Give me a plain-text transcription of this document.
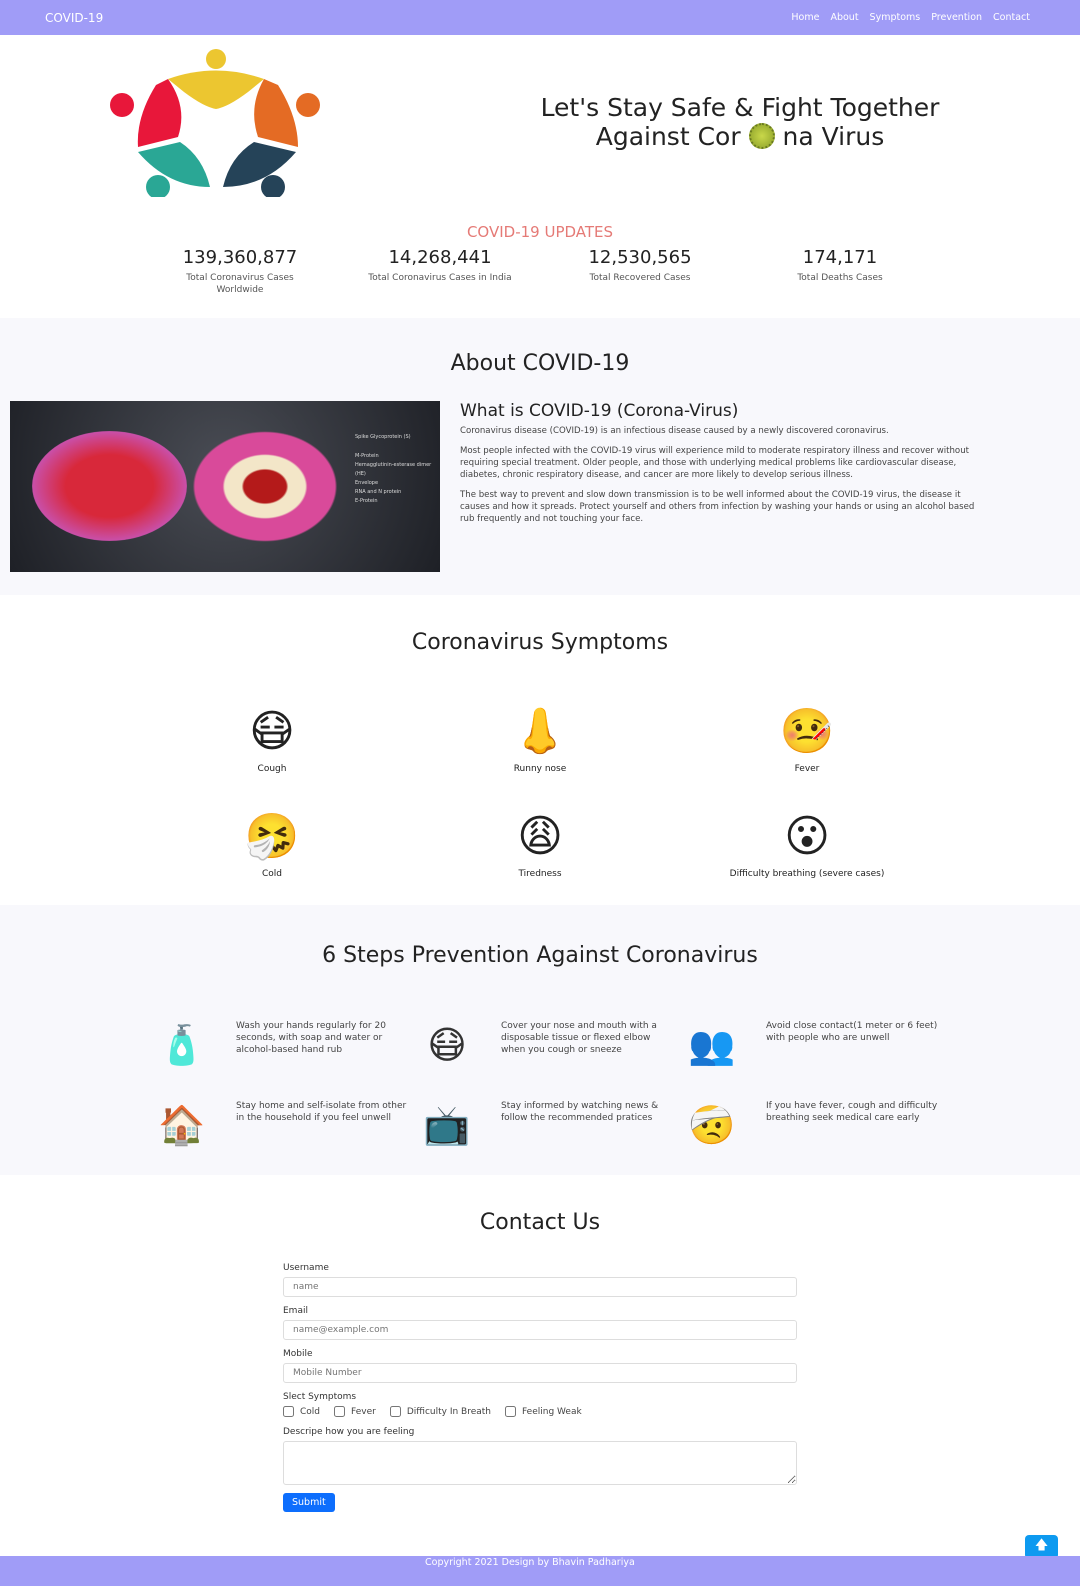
COVID-19	Home About Symptoms Prevention Contact
Let's Stay Safe & Fight Together
Against Cor na Virus
COVID-19 UPDATES
139,360,877
Total Coronavirus Cases Worldwide
14,268,441
Total Coronavirus Cases in India
12,530,565
Total Recovered Cases
174,171
Total Deaths Cases
About COVID-19
Spike Glycoprotein (S)
M-Protein
Hemagglutinin-esterase dimer (HE)
Envelope
RNA and N protein
E-Protein
What is COVID-19 (Corona-Virus)

Coronavirus disease (COVID-19) is an infectious disease caused by a newly discovered coronavirus.

Most people infected with the COVID-19 virus will experience mild to moderate respiratory illness and recover without requiring special treatment. Older people, and those with underlying medical problems like cardiovascular disease, diabetes, chronic respiratory disease, and cancer are more likely to develop serious illness.

The best way to prevent and slow down transmission is to be well informed about the COVID-19 virus, the disease it causes and how it spreads. Protect yourself and others from infection by washing your hands or using an alcohol based rub frequently and not touching your face.

Coronavirus Symptoms
😷
Cough
👃
Runny nose
🤒
Fever
🤧
Cold
😩
Tiredness
😮
Difficulty breathing (severe cases)
6 Steps Prevention Against Coronavirus
🧴	Wash your hands regularly for 20 seconds, with soap and water or alcohol-based hand rub	😷	Cover your nose and mouth with a disposable tissue or flexed elbow when you cough or sneeze	👥	Avoid close contact(1 meter or 6 feet) with people who are unwell

🏠	Stay home and self-isolate from other in the household if you feel unwell 📺	Stay informed by watching news & follow the recommended pratices 🤕	If you have fever, cough and difficulty breathing seek medical care early

Contact Us
Username
name
Email
name@example.com
Mobile
Mobile Number
Slect Symptoms
Cold	Fever	Difficulty In Breath	Feeling Weak
Descripe how you are feeling
Submit
🡅
Copyright 2021 Design by Bhavin Padhariya
